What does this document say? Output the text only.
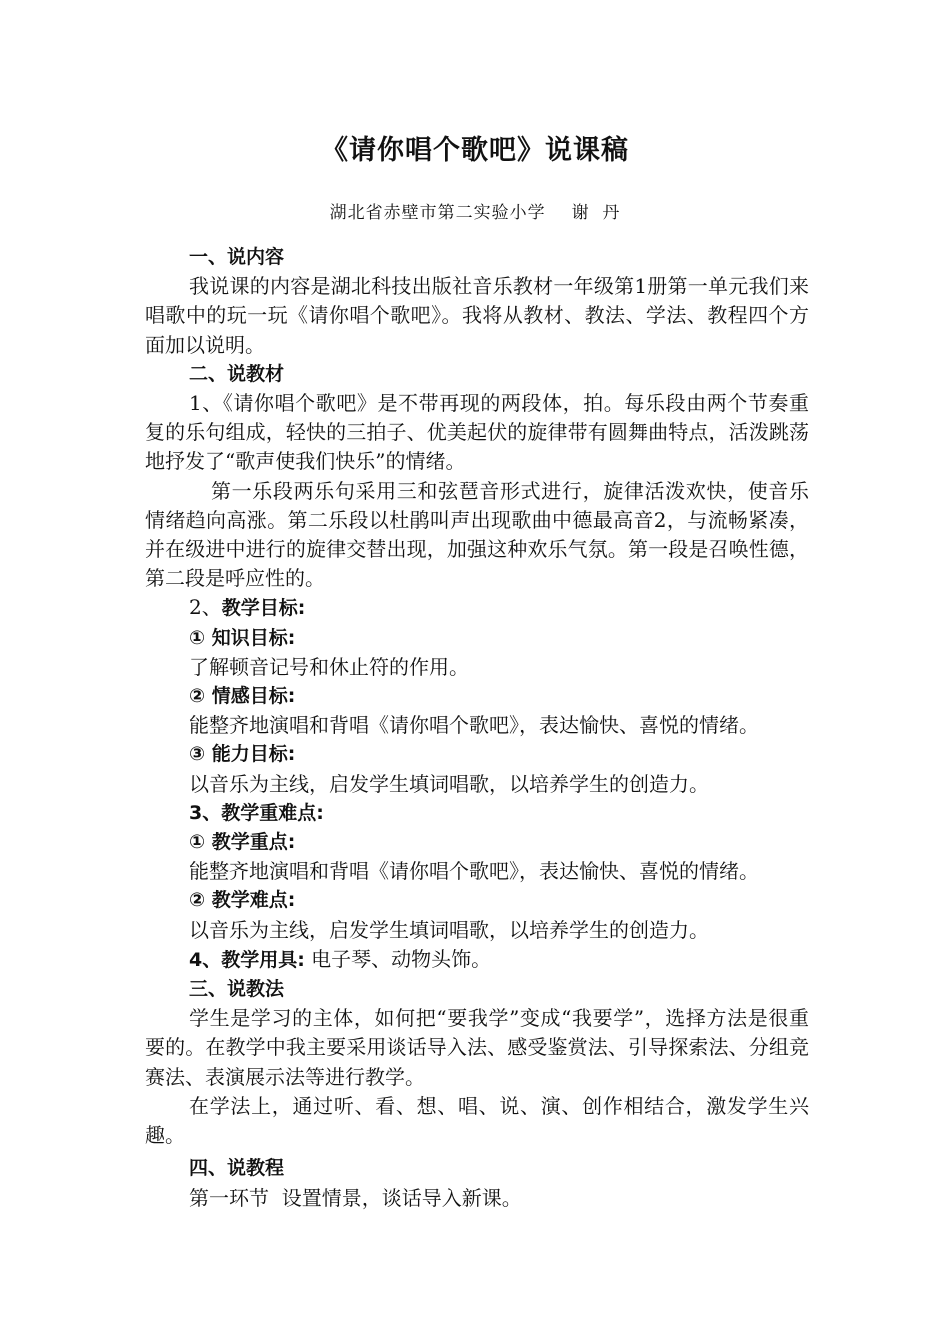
《请你唱个歌吧》说课稿
湖北省赤壁市第二实验小学 谢  丹
一、说内容

我说课的内容是湖北科技出版社音乐教材一年级第1册第一单元我们来唱歌中的玩一玩《请你唱个歌吧》。我将从教材、教法、学法、教程四个方面加以说明。

二、说教材

1、《请你唱个歌吧》是不带再现的两段体，拍。每乐段由两个节奏重复的乐句组成，轻快的三拍子、优美起伏的旋律带有圆舞曲特点，活泼跳荡地抒发了“歌声使我们快乐”的情绪。

第一乐段两乐句采用三和弦琶音形式进行，旋律活泼欢快，使音乐情绪趋向高涨。第二乐段以杜鹃叫声出现歌曲中德最高音2，与流畅紧凑，并在级进中进行的旋律交替出现，加强这种欢乐气氛。第一段是召唤性德，第二段是呼应性的。

2、教学目标:
① 知识目标:
了解顿音记号和休止符的作用。
② 情感目标:
能整齐地演唱和背唱《请你唱个歌吧》，表达愉快、喜悦的情绪。
③ 能力目标:
以音乐为主线，启发学生填词唱歌，以培养学生的创造力。
3、教学重难点:
① 教学重点:
能整齐地演唱和背唱《请你唱个歌吧》，表达愉快、喜悦的情绪。
② 教学难点:
以音乐为主线，启发学生填词唱歌，以培养学生的创造力。
4、教学用具: 电子琴、动物头饰。
三、说教法

学生是学习的主体，如何把“要我学”变成“我要学”，选择方法是很重要的。在教学中我主要采用谈话导入法、感受鉴赏法、引导探索法、分组竞赛法、表演展示法等进行教学。

在学法上，通过听、看、想、唱、说、演、创作相结合，激发学生兴趣。

四、说教程

第一环节  设置情景，谈话导入新课。
